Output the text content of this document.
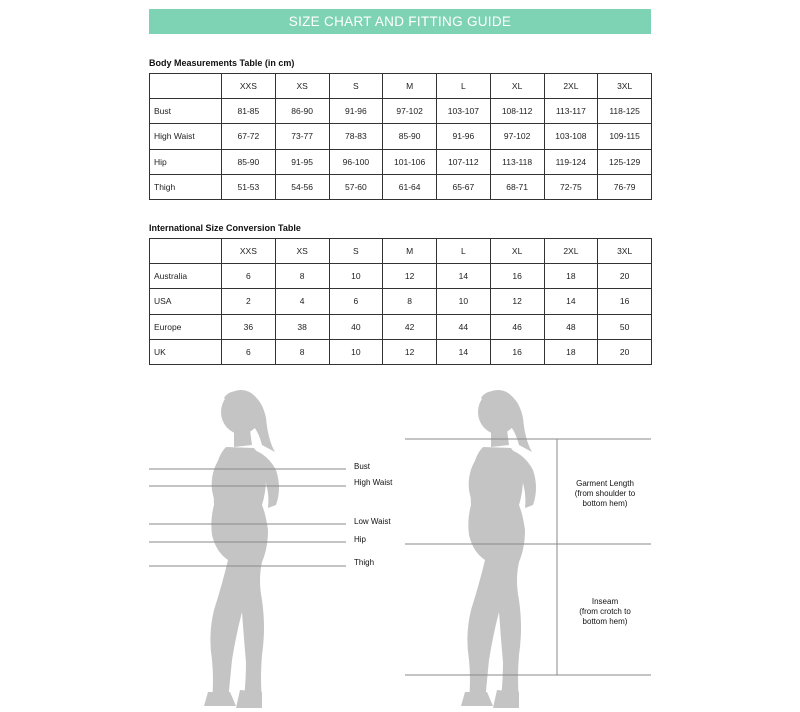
SIZE CHART AND FITTING GUIDE
Body Measurements Table (in cm)
	XXS	XS	S	M	L	XL	2XL	3XL
Bust	81-85	86-90	91-96	97-102	103-107	108-112	113-117	118-125
High Waist	67-72	73-77	78-83	85-90	91-96	97-102	103-108	109-115
Hip	85-90	91-95	96-100	101-106	107-112	113-118	119-124	125-129
Thigh	51-53	54-56	57-60	61-64	65-67	68-71	72-75	76-79
International Size Conversion Table
	XXS	XS	S	M	L	XL	2XL	3XL
Australia	6	8	10	12	14	16	18	20
USA	2	4	6	8	10	12	14	16
Europe	36	38	40	42	44	46	48	50
UK	6	8	10	12	14	16	18	20
Bust
High Waist
Low Waist
Hip
Thigh
Garment Length
(from shoulder to
bottom hem)
Inseam
(from crotch to
bottom hem)
